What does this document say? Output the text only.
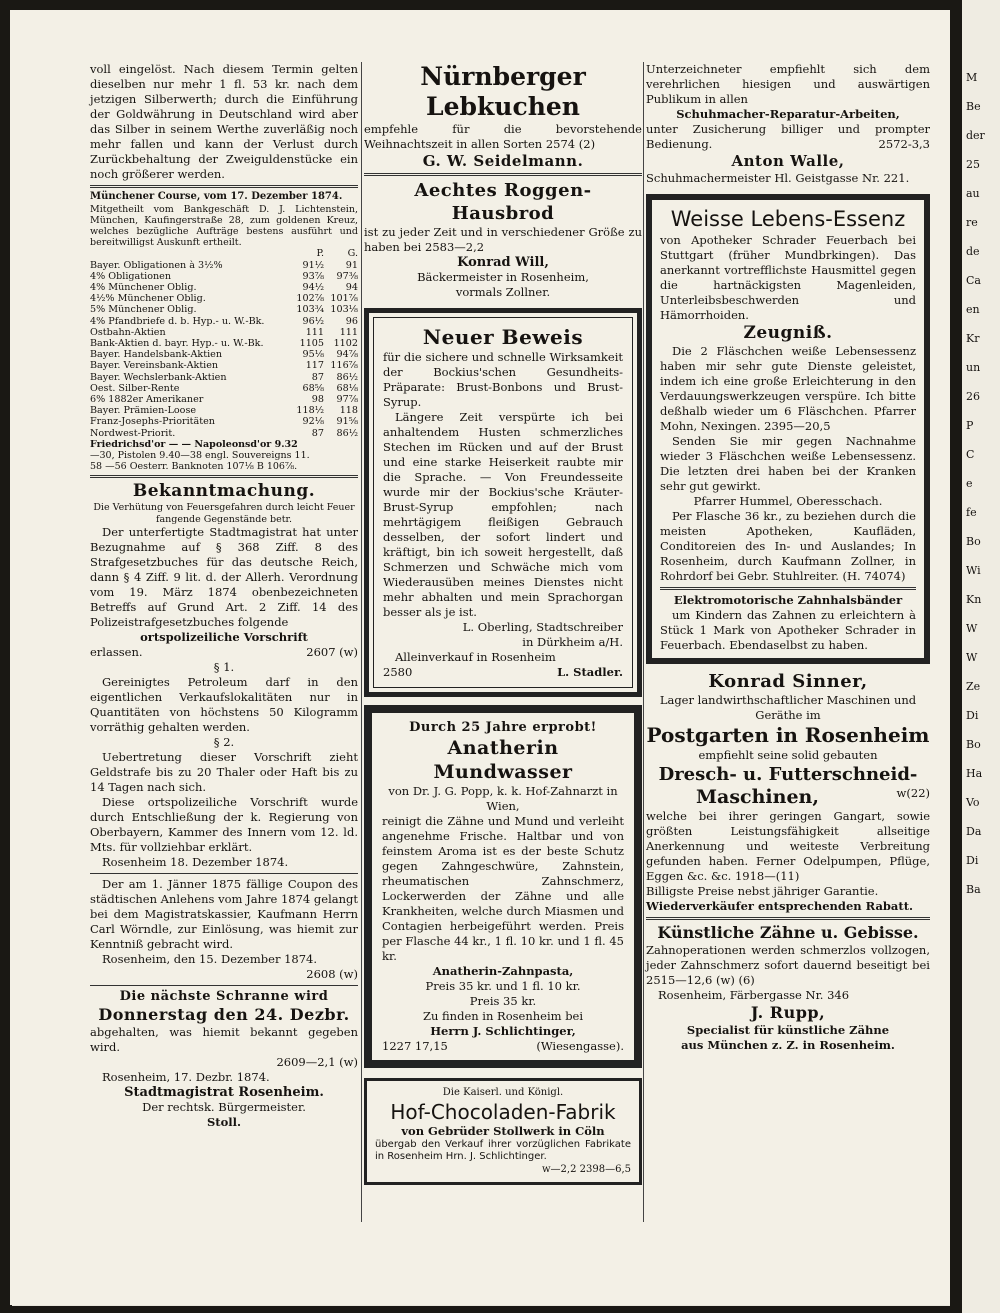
M
Be
der
25
au
re
de
Ca
en
Kr
un
26
P
C
e
fe
Bo
Wi
Kn
W
W
Ze
Di
Bo
Ha
Vo
Da
Di
Ba

voll eingelöst. Nach diesem Termin gelten dieselben nur mehr 1 fl. 53 kr. nach dem jetzigen Silberwerth; durch die Einführung der Goldwährung in Deutschland wird aber das Silber in seinem Werthe zuverläßig noch mehr fallen und kann der Verlust durch Zurückbehaltung der Zweiguldenstücke ein noch größerer werden.

Münchener Course, vom 17. Dezember 1874.

Mitgetheilt vom Bankgeschäft D. J. Lichtenstein, München, Kaufingerstraße 28, zum goldenen Kreuz, welches bezügliche Aufträge bestens ausführt und bereitwilligst Auskunft ertheilt.

	P.	G.
Bayer. Obligationen à 3½%	91½	91
4% Obligationen	93⅞	97⅜
4% Münchener Oblig.	94½	94
4½% Münchener Oblig.	102⅞	101⅞
5% Münchener Oblig.	103¾	103⅛
4% Pfandbriefe d. b. Hyp.- u. W.-Bk.	96½	96
Ostbahn-Aktien	111	111
Bank-Aktien d. bayr. Hyp.- u. W.-Bk.	1105	1102
Bayer. Handelsbank-Aktien	95⅛	94⅞
Bayer. Vereinsbank-Aktien	117	116⅞
Bayer. Wechslerbank-Aktien	87	86½
Oest. Silber-Rente	68⅝	68⅛
6% 1882er Amerikaner	98	97⅞
Bayer. Prämien-Loose	118½	118
Franz-Josephs-Prioritäten	92⅛	91⅝
Nordwest-Priorit.	87	86½

Friedrichsd'or — — Napoleonsd'or 9.32

—30, Pistolen 9.40—38 engl. Souvereigns 11.

58 —56 Oesterr. Banknoten 107⅛ B 106⅞.

Bekanntmachung.

Die Verhütung von Feuersgefahren durch leicht Feuer fangende Gegenstände betr.

Der unterfertigte Stadtmagistrat hat unter Bezugnahme auf § 368 Ziff. 8 des Strafgesetzbuches für das deutsche Reich, dann § 4 Ziff. 9 lit. d. der Allerh. Verordnung vom 19. März 1874 obenbezeichneten Betreffs auf Grund Art. 2 Ziff. 14 des Polizeistrafgesetzbuches folgende

ortspolizeiliche Vorschrift

erlassen.	2607 (w)

§ 1.

Gereinigtes Petroleum darf in den eigentlichen Verkaufslokalitäten nur in Quantitäten von höchstens 50 Kilogramm vorräthig gehalten werden.

§ 2.

Uebertretung dieser Vorschrift zieht Geldstrafe bis zu 20 Thaler oder Haft bis zu 14 Tagen nach sich.

Diese ortspolizeiliche Vorschrift wurde durch Entschließung der k. Regierung von Oberbayern, Kammer des Innern vom 12. ld. Mts. für vollziehbar erklärt.

Rosenheim 18. Dezember 1874.

Der am 1. Jänner 1875 fällige Coupon des städtischen Anlehens vom Jahre 1874 gelangt bei dem Magistratskassier, Kaufmann Herrn Carl Wörndle, zur Einlösung, was hiemit zur Kenntniß gebracht wird.

Rosenheim, den 15. Dezember 1874.

2608 (w)

Die nächste Schranne wird

Donnerstag den 24. Dezbr.

abgehalten, was hiemit bekannt gegeben wird.

2609—2,1 (w)

Rosenheim, 17. Dezbr. 1874.

Stadtmagistrat Rosenheim.

Der rechtsk. Bürgermeister.

Stoll.

Nürnberger Lebkuchen

empfehle für die bevorstehende Weihnachtszeit in allen Sorten 2574 (2)

G. W. Seidelmann.

Aechtes Roggen-Hausbrod

ist zu jeder Zeit und in verschiedener Größe zu haben bei 2583—2,2

Konrad Will,

Bäckermeister in Rosenheim,

vormals Zollner.

Neuer Beweis

für die sichere und schnelle Wirksamkeit der Bockius'schen Gesundheits-Präparate: Brust-Bonbons und Brust-Syrup.

Längere Zeit verspürte ich bei anhaltendem Husten schmerzliches Stechen im Rücken und auf der Brust und eine starke Heiserkeit raubte mir die Sprache. — Von Freundesseite wurde mir der Bockius'sche Kräuter-Brust-Syrup empfohlen; nach mehrtägigem fleißigen Gebrauch desselben, der sofort lindert und kräftigt, bin ich soweit hergestellt, daß Schmerzen und Schwäche mich vom Wiederausüben meines Dienstes nicht mehr abhalten und mein Sprachorgan besser als je ist.

L. Oberling, Stadtschreiber

in Dürkheim a/H.

Alleinverkauf in Rosenheim

2580	L. Stadler.

Durch 25 Jahre erprobt!

Anatherin Mundwasser

von Dr. J. G. Popp, k. k. Hof-Zahnarzt in Wien,

reinigt die Zähne und Mund und verleiht angenehme Frische. Haltbar und von feinstem Aroma ist es der beste Schutz gegen Zahngeschwüre, Zahnstein, rheumatischen Zahnschmerz, Lockerwerden der Zähne und alle Krankheiten, welche durch Miasmen und Contagien herbeigeführt werden. Preis per Flasche 44 kr., 1 fl. 10 kr. und 1 fl. 45 kr.

Anatherin-Zahnpasta,

Preis 35 kr. und 1 fl. 10 kr.

Preis 35 kr.

Zu finden in Rosenheim bei

Herrn J. Schlichtinger,

1227 17,15	(Wiesengasse).

Die Kaiserl. und Königl.

Hof-Chocoladen-Fabrik

von Gebrüder Stollwerk in Cöln

übergab den Verkauf ihrer vorzüglichen Fabrikate in Rosenheim Hrn. J. Schlichtinger.

w—2,2 2398—6,5

Unterzeichneter empfiehlt sich dem verehrlichen hiesigen und auswärtigen Publikum in allen

Schuhmacher-Reparatur-Arbeiten,

unter Zusicherung billiger und prompter Bedienung.	2572-3,3

Anton Walle,

Schuhmachermeister Hl. Geistgasse Nr. 221.

Weisse Lebens-Essenz

von Apotheker Schrader Feuerbach bei Stuttgart (früher Mundbrkingen). Das anerkannt vortrefflichste Hausmittel gegen die hartnäckigsten Magenleiden, Unterleibsbeschwerden und Hämorrhoiden.

Zeugniß.

Die 2 Fläschchen weiße Lebensessenz haben mir sehr gute Dienste geleistet, indem ich eine große Erleichterung in den Verdauungswerkzeugen verspüre. Ich bitte deßhalb wieder um 6 Fläschchen. Pfarrer Mohn, Nexingen. 2395—20,5

Senden Sie mir gegen Nachnahme wieder 3 Fläschchen weiße Lebensessenz. Die letzten drei haben bei der Kranken sehr gut gewirkt.

Pfarrer Hummel, Oberesschach.

Per Flasche 36 kr., zu beziehen durch die meisten Apotheken, Kaufläden, Conditoreien des In- und Auslandes; In Rosenheim, durch Kaufmann Zollner, in Rohrdorf bei Gebr. Stuhlreiter. (H. 74074)

Elektromotorische Zahnhalsbänder

um Kindern das Zahnen zu erleichtern à Stück 1 Mark von Apotheker Schrader in Feuerbach. Ebendaselbst zu haben.

Konrad Sinner,

Lager landwirthschaftlicher Maschinen und Geräthe im

Postgarten in Rosenheim

empfiehlt seine solid gebauten

Dresch- u. Futterschneid-

Maschinen,	w(22)

welche bei ihrer geringen Gangart, sowie größten Leistungsfähigkeit allseitige Anerkennung und weiteste Verbreitung gefunden haben. Ferner Odelpumpen, Pflüge, Eggen &c. &c. 1918—(11)

Billigste Preise nebst jähriger Garantie.

Wiederverkäufer entsprechenden Rabatt.

Künstliche Zähne u. Gebisse.

Zahnoperationen werden schmerzlos vollzogen, jeder Zahnschmerz sofort dauernd beseitigt bei 2515—12,6 (w) (6)

Rosenheim, Färbergasse Nr. 346

J. Rupp,

Specialist für künstliche Zähne

aus München z. Z. in Rosenheim.
